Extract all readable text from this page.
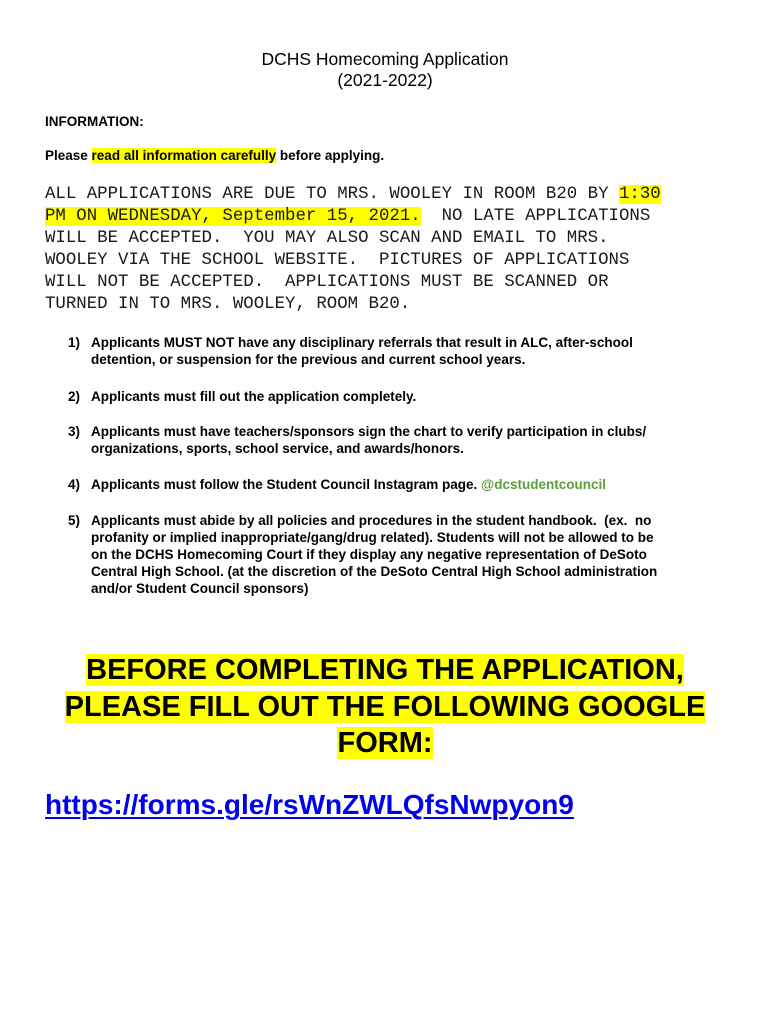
DCHS Homecoming Application
(2021-2022)
INFORMATION:
Please read all information carefully before applying.
ALL APPLICATIONS ARE DUE TO MRS. WOOLEY IN ROOM B20 BY 1:30
PM ON WEDNESDAY, September 15, 2021.  NO LATE APPLICATIONS
WILL BE ACCEPTED.  YOU MAY ALSO SCAN AND EMAIL TO MRS.
WOOLEY VIA THE SCHOOL WEBSITE.  PICTURES OF APPLICATIONS
WILL NOT BE ACCEPTED.  APPLICATIONS MUST BE SCANNED OR
TURNED IN TO MRS. WOOLEY, ROOM B20.
1) Applicants MUST NOT have any disciplinary referrals that result in ALC, after-school
detention, or suspension for the previous and current school years.
2) Applicants must fill out the application completely.
3) Applicants must have teachers/sponsors sign the chart to verify participation in clubs/
organizations, sports, school service, and awards/honors.
4) Applicants must follow the Student Council Instagram page. @dcstudentcouncil
5) Applicants must abide by all policies and procedures in the student handbook.  (ex.  no
profanity or implied inappropriate/gang/drug related). Students will not be allowed to be
on the DCHS Homecoming Court if they display any negative representation of DeSoto
Central High School. (at the discretion of the DeSoto Central High School administration
and/or Student Council sponsors)
BEFORE COMPLETING THE APPLICATION,
PLEASE FILL OUT THE FOLLOWING GOOGLE
FORM:
https://forms.gle/rsWnZWLQfsNwpyon9
